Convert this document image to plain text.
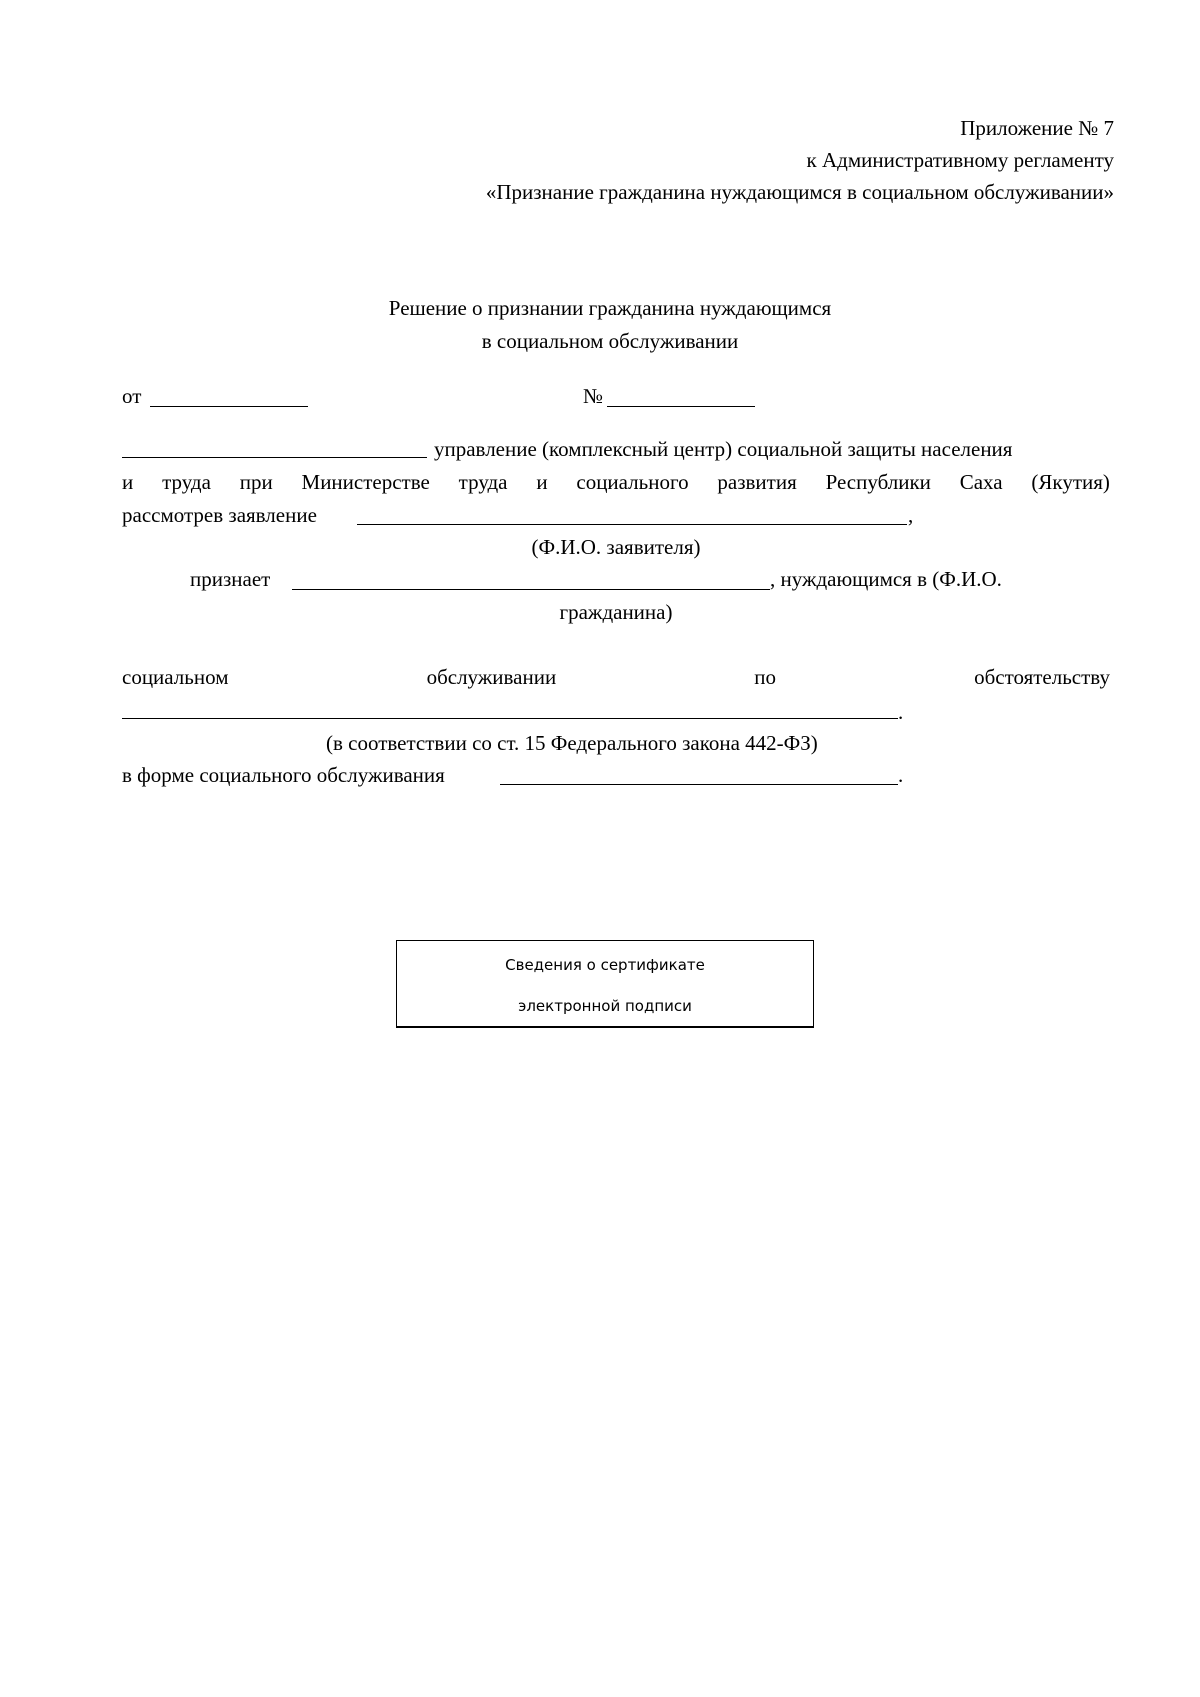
Приложение № 7
к Административному регламенту
«Признание гражданина нуждающимся в социальном обслуживании»
Решение о признании гражданина нуждающимся
в социальном обслуживании
от	№
управление (комплексный центр) социальной защиты населения
и труда при Министерстве труда и социального развития Республики Саха (Якутия)
рассмотрев заявление	,
(Ф.И.О. заявителя)
признает	, нуждающимся в (Ф.И.О.
гражданина)
социальном	обслуживании	по	обстоятельству
.
(в соответствии со ст. 15 Федерального закона 442-ФЗ)
в форме социального обслуживания	.
Сведения о сертификате
электронной подписи
